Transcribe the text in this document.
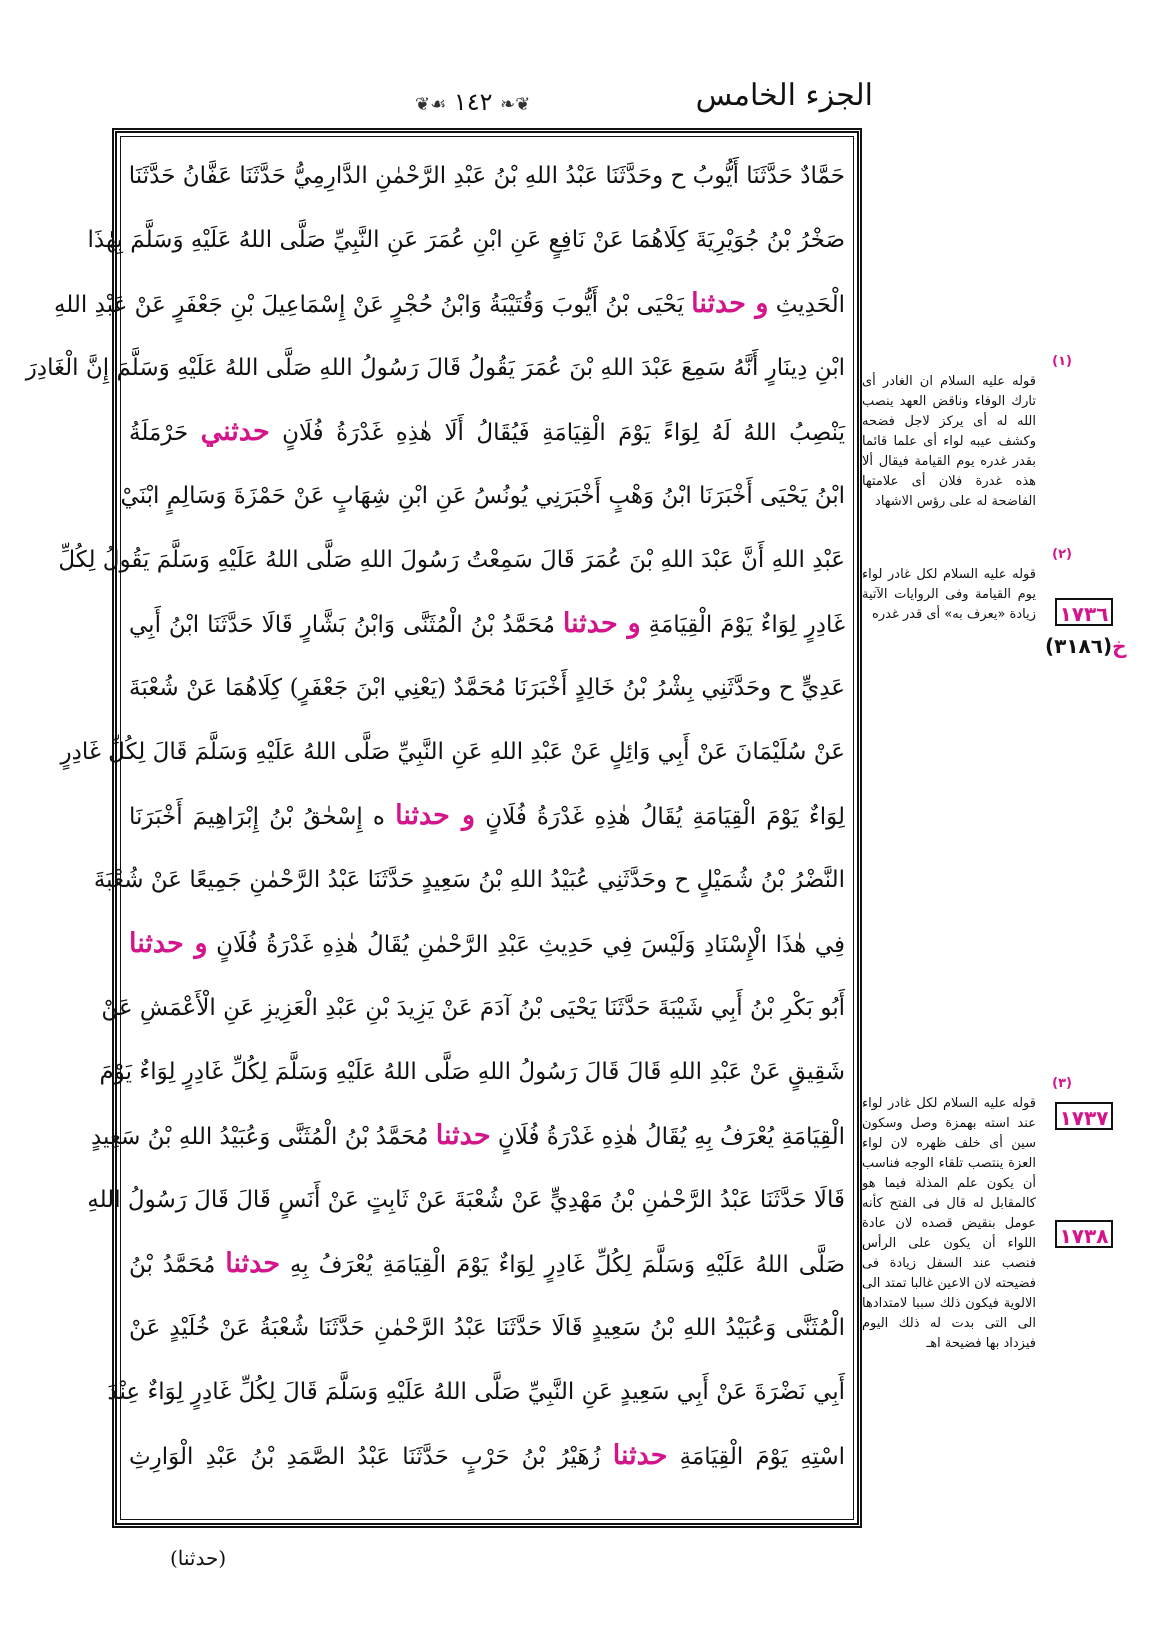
الجزء الخامس
❦❧ ١٤٢ ☙❦
حَمَّادٌ حَدَّثَنَا أَيُّوبُ ح وحَدَّثَنَا عَبْدُ اللهِ بْنُ عَبْدِ الرَّحْمٰنِ الدَّارِمِيُّ حَدَّثَنَا عَفَّانُ حَدَّثَنَا
صَخْرُ بْنُ جُوَيْرِيَةَ كِلَاهُمَا عَنْ نَافِعٍ عَنِ ابْنِ عُمَرَ عَنِ النَّبِيِّ صَلَّى اللهُ عَلَيْهِ وَسَلَّمَ بِهٰذَا
الْحَدِيثِ و حدثنا يَحْيَى بْنُ أَيُّوبَ وَقُتَيْبَةُ وَابْنُ حُجْرٍ عَنْ إِسْمَاعِيلَ بْنِ جَعْفَرٍ عَنْ عَبْدِ اللهِ
ابْنِ دِينَارٍ أَنَّهُ سَمِعَ عَبْدَ اللهِ بْنَ عُمَرَ يَقُولُ قَالَ رَسُولُ اللهِ صَلَّى اللهُ عَلَيْهِ وَسَلَّمَ إِنَّ الْغَادِرَ
يَنْصِبُ اللهُ لَهُ لِوَاءً يَوْمَ الْقِيَامَةِ فَيُقَالُ أَلَا هٰذِهِ غَدْرَةُ فُلَانٍ حدثني حَرْمَلَةُ
ابْنُ يَحْيَى أَخْبَرَنَا ابْنُ وَهْبٍ أَخْبَرَنِي يُونُسُ عَنِ ابْنِ شِهَابٍ عَنْ حَمْزَةَ وَسَالِمٍ ابْنَيْ
عَبْدِ اللهِ أَنَّ عَبْدَ اللهِ بْنَ عُمَرَ قَالَ سَمِعْتُ رَسُولَ اللهِ صَلَّى اللهُ عَلَيْهِ وَسَلَّمَ يَقُولُ لِكُلِّ
غَادِرٍ لِوَاءٌ يَوْمَ الْقِيَامَةِ و حدثنا مُحَمَّدُ بْنُ الْمُثَنَّى وَابْنُ بَشَّارٍ قَالَا حَدَّثَنَا ابْنُ أَبِي
عَدِيٍّ ح وحَدَّثَنِي بِشْرُ بْنُ خَالِدٍ أَخْبَرَنَا مُحَمَّدٌ (يَعْنِي ابْنَ جَعْفَرٍ) كِلَاهُمَا عَنْ شُعْبَةَ
عَنْ سُلَيْمَانَ عَنْ أَبِي وَائِلٍ عَنْ عَبْدِ اللهِ عَنِ النَّبِيِّ صَلَّى اللهُ عَلَيْهِ وَسَلَّمَ قَالَ لِكُلِّ غَادِرٍ
لِوَاءٌ يَوْمَ الْقِيَامَةِ يُقَالُ هٰذِهِ غَدْرَةُ فُلَانٍ و حدثنا ه إِسْحٰقُ بْنُ إِبْرَاهِيمَ أَخْبَرَنَا
النَّضْرُ بْنُ شُمَيْلٍ ح وحَدَّثَنِي عُبَيْدُ اللهِ بْنُ سَعِيدٍ حَدَّثَنَا عَبْدُ الرَّحْمٰنِ جَمِيعًا عَنْ شُعْبَةَ
فِي هٰذَا الْإِسْنَادِ وَلَيْسَ فِي حَدِيثِ عَبْدِ الرَّحْمٰنِ يُقَالُ هٰذِهِ غَدْرَةُ فُلَانٍ و حدثنا
أَبُو بَكْرِ بْنُ أَبِي شَيْبَةَ حَدَّثَنَا يَحْيَى بْنُ آدَمَ عَنْ يَزِيدَ بْنِ عَبْدِ الْعَزِيزِ عَنِ الْأَعْمَشِ عَنْ
شَقِيقٍ عَنْ عَبْدِ اللهِ قَالَ قَالَ رَسُولُ اللهِ صَلَّى اللهُ عَلَيْهِ وَسَلَّمَ لِكُلِّ غَادِرٍ لِوَاءٌ يَوْمَ
الْقِيَامَةِ يُعْرَفُ بِهِ يُقَالُ هٰذِهِ غَدْرَةُ فُلَانٍ حدثنا مُحَمَّدُ بْنُ الْمُثَنَّى وَعُبَيْدُ اللهِ بْنُ سَعِيدٍ
قَالَا حَدَّثَنَا عَبْدُ الرَّحْمٰنِ بْنُ مَهْدِيٍّ عَنْ شُعْبَةَ عَنْ ثَابِتٍ عَنْ أَنَسٍ قَالَ قَالَ رَسُولُ اللهِ
صَلَّى اللهُ عَلَيْهِ وَسَلَّمَ لِكُلِّ غَادِرٍ لِوَاءٌ يَوْمَ الْقِيَامَةِ يُعْرَفُ بِهِ حدثنا مُحَمَّدُ بْنُ
الْمُثَنَّى وَعُبَيْدُ اللهِ بْنُ سَعِيدٍ قَالَا حَدَّثَنَا عَبْدُ الرَّحْمٰنِ حَدَّثَنَا شُعْبَةُ عَنْ خُلَيْدٍ عَنْ
أَبِي نَضْرَةَ عَنْ أَبِي سَعِيدٍ عَنِ النَّبِيِّ صَلَّى اللهُ عَلَيْهِ وَسَلَّمَ قَالَ لِكُلِّ غَادِرٍ لِوَاءٌ عِنْدَ
اسْتِهِ يَوْمَ الْقِيَامَةِ حدثنا زُهَيْرُ بْنُ حَرْبٍ حَدَّثَنَا عَبْدُ الصَّمَدِ بْنُ عَبْدِ الْوَارِثِ
(حدثنا)
(١)
قوله عليه السلام ان الغادر أى تارك الوفاء وناقض العهد ينصب الله له أى يركز لاجل فضحه وكشف عيبه لواء أى علما قائما بقدر غدره يوم القيامة فيقال ألا هذه غدرة فلان أى علامتها الفاضحة له على رؤس الاشهاد
(٢)
قوله عليه السلام لكل غادر لواء يوم القيامة وفى الروايات الآتية زيادة «يعرف به» أى قدر غدره
(٣)
قوله عليه السلام لكل غادر لواء عند استه بهمزة وصل وسكون سين أى خلف ظهره لان لواء العزة ينتصب تلقاء الوجه فناسب أن يكون علم المذلة فيما هو كالمقابل له قال فى الفتح كأنه عومل بنقيض قصده لان عادة اللواء أن يكون على الرأس فنصب عند السفل زيادة فى فضيحته لان الاعين غالبا تمتد الى الالوية فيكون ذلك سببا لامتدادها الى التى بدت له ذلك اليوم فيزداد بها فضيحة اهـ
١٧٣٦
خ(٣١٨٦)
١٧٣٧
١٧٣٨
